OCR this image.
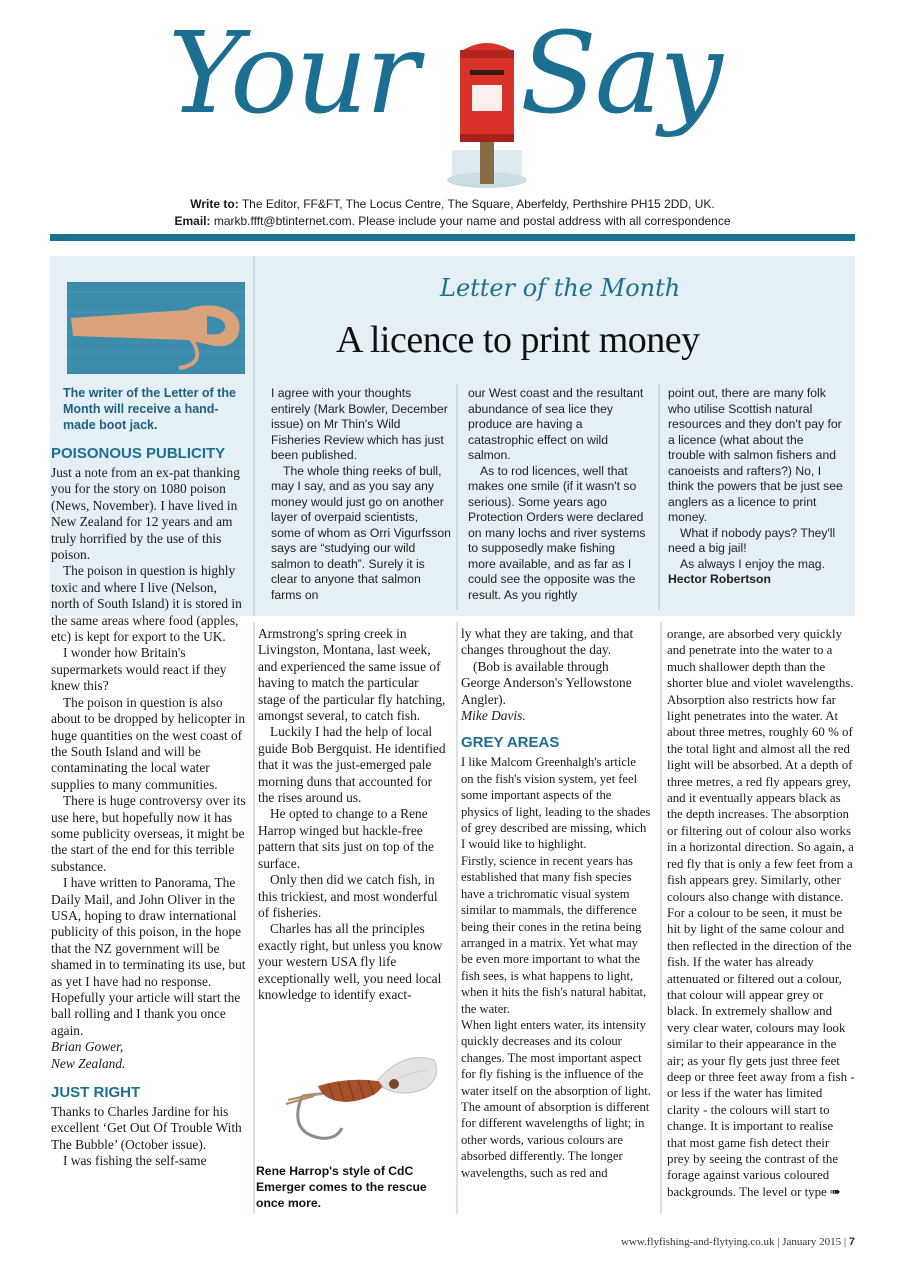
Your Say
Write to: The Editor, FF&FT, The Locus Centre, The Square, Aberfeldy, Perthshire PH15 2DD, UK.
Email: markb.ffft@btinternet.com. Please include your name and postal address with all correspondence
The writer of the Letter of the Month will receive a hand-made boot jack.
Letter of the Month
A licence to print money

I agree with your thoughts entirely (Mark Bowler, December issue) on Mr Thin's Wild Fisheries Review which has just been published.

The whole thing reeks of bull, may I say, and as you say any money would just go on another layer of overpaid scientists, some of whom as Orri Vigurfsson says are “studying our wild salmon to death”. Surely it is clear to anyone that salmon farms on

our West coast and the resultant abundance of sea lice they produce are having a catastrophic effect on wild salmon.

As to rod licences, well that makes one smile (if it wasn't so serious). Some years ago Protection Orders were declared on many lochs and river systems to supposedly make fishing more available, and as far as I could see the opposite was the result. As you rightly

point out, there are many folk who utilise Scottish natural resources and they don't pay for a licence (what about the trouble with salmon fishers and canoeists and rafters?) No, I think the powers that be just see anglers as a licence to print money.

What if nobody pays? They'll need a big jail!

As always I enjoy the mag.

Hector Robertson

POISONOUS PUBLICITY

Just a note from an ex-pat thanking you for the story on 1080 poison (News, November). I have lived in New Zealand for 12 years and am truly horrified by the use of this poison.

The poison in question is highly toxic and where I live (Nelson, north of South Island) it is stored in the same areas where food (apples, etc) is kept for export to the UK.

I wonder how Britain's supermarkets would react if they knew this?

The poison in question is also about to be dropped by helicopter in huge quantities on the west coast of the South Island and will be contaminating the local water supplies to many communities.

There is huge controversy over its use here, but hopefully now it has some publicity overseas, it might be the start of the end for this terrible substance.

I have written to Panorama, The Daily Mail, and John Oliver in the USA, hoping to draw international publicity of this poison, in the hope that the NZ government will be shamed in to terminating its use, but as yet I have had no response. Hopefully your article will start the ball rolling and I thank you once again.

Brian Gower,

New Zealand.

JUST RIGHT

Thanks to Charles Jardine for his excellent ‘Get Out Of Trouble With The Bubble’ (October issue).

I was fishing the self-same

Armstrong's spring creek in Livingston, Montana, last week, and experienced the same issue of having to match the particular stage of the particular fly hatching, amongst several, to catch fish.

Luckily I had the help of local guide Bob Bergquist. He identified that it was the just-emerged pale morning duns that accounted for the rises around us.

He opted to change to a Rene Harrop winged but hackle-free pattern that sits just on top of the surface.

Only then did we catch fish, in this trickiest, and most wonderful of fisheries.

Charles has all the principles exactly right, but unless you know your western USA fly life exceptionally well, you need local knowledge to identify exact-

Rene Harrop's style of CdC Emerger comes to the rescue once more.

ly what they are taking, and that changes throughout the day.

(Bob is available through George Anderson's Yellowstone Angler).

Mike Davis.

GREY AREAS

I like Malcom Greenhalgh's article on the fish's vision system, yet feel some important aspects of the physics of light, leading to the shades of grey described are missing, which I would like to highlight.

Firstly, science in recent years has established that many fish species have a trichromatic visual system similar to mammals, the difference being their cones in the retina being arranged in a matrix. Yet what may be even more important to what the fish sees, is what happens to light, when it hits the fish's natural habitat, the water.

When light enters water, its intensity quickly decreases and its colour changes. The most important aspect for fly fishing is the influence of the water itself on the absorption of light. The amount of absorption is different for different wavelengths of light; in other words, various colours are absorbed differently. The longer wavelengths, such as red and

orange, are absorbed very quickly and penetrate into the water to a much shallower depth than the shorter blue and violet wavelengths. Absorption also restricts how far light penetrates into the water. At about three metres, roughly 60 % of the total light and almost all the red light will be absorbed. At a depth of three metres, a red fly appears grey, and it eventually appears black as the depth increases. The absorption or filtering out of colour also works in a horizontal direction. So again, a red fly that is only a few feet from a fish appears grey. Similarly, other colours also change with distance. For a colour to be seen, it must be hit by light of the same colour and then reflected in the direction of the fish. If the water has already attenuated or filtered out a colour, that colour will appear grey or black. In extremely shallow and very clear water, colours may look similar to their appearance in the air; as your fly gets just three feet deep or three feet away from a fish - or less if the water has limited clarity - the colours will start to change. It is important to realise that most game fish detect their prey by seeing the contrast of the forage against various coloured backgrounds. The level or type ➠

www.flyfishing-and-flytying.co.uk | January 2015 | 7
